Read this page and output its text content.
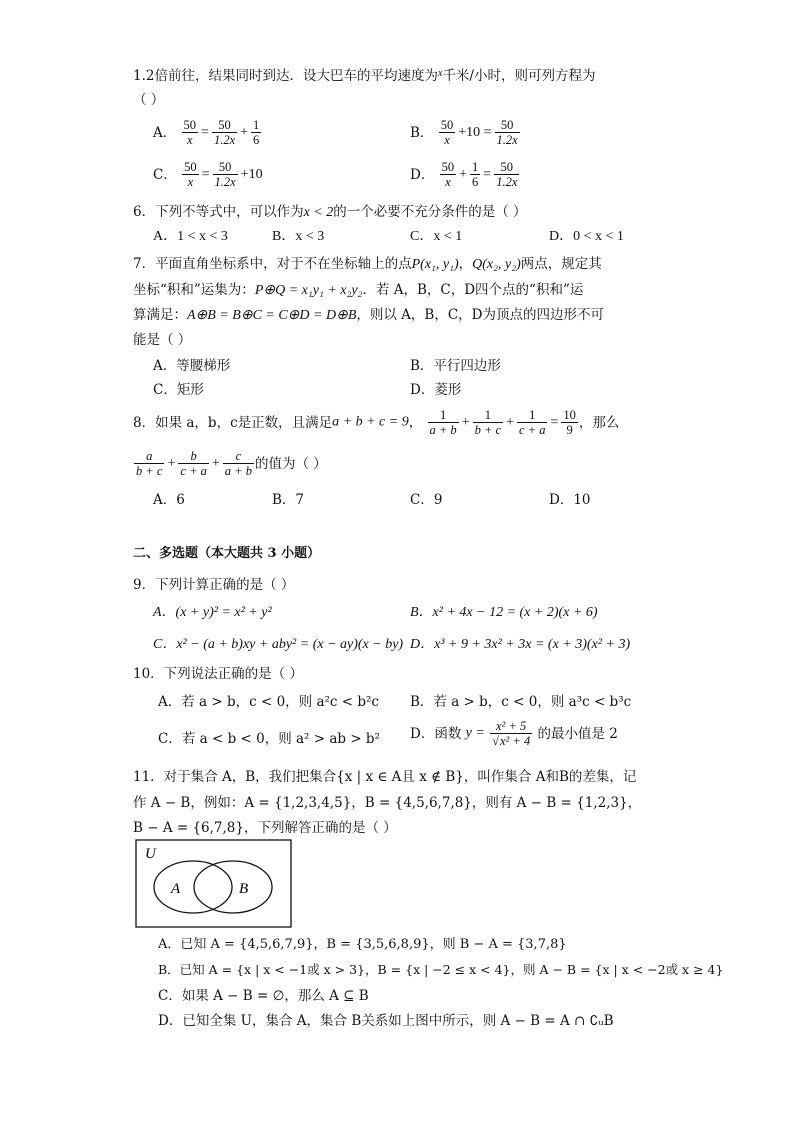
1.2倍前往，结果同时到达．设大巴车的平均速度为$^x$千米/小时，则可列方程为
（ ）
A． $\frac{50}{x} = \frac{50}{1.2x} + \frac{1}{6}$	B． $\frac{50}{x} +10 = \frac{50}{1.2x}$
C． $\frac{50}{x} = \frac{50}{1.2x} +10$	D． $\frac{50}{x} + \frac{1}{6} = \frac{50}{1.2x}$
6．下列不等式中，可以作为x < 2的一个必要不充分条件的是（ ）
A．1 < x < 3	B．x < 3	C．x < 1	D．0 < x < 1
7．平面直角坐标系中，对于不在坐标轴上的点P(x₁, y₁)，Q(x₂, y₂)两点，规定其
坐标“积和”运集为：P⊕Q = x₁y₁ + x₂y₂．若 A，B，C，D四个点的“积和”运
算满足：A⊕B = B⊕C = C⊕D = D⊕B，则以 A，B，C，D为顶点的四边形不可
能是（ ）
A．等腰梯形	B．平行四边形
C．矩形	D．菱形
8．如果 a，b，c是正数，且满足a + b + c = 9， $\frac{1}{a + b} + \frac{1}{b + c} + \frac{1}{c + a} = \frac{10}{9}$ ，那么
$\frac{a}{b + c} + \frac{b}{c + a} + \frac{c}{a + b}$ 的值为（ ）
A．6	B．7	C．9	D．10
二、多选题（本大题共 3 小题）
9．下列计算正确的是（ ）
A．(x + y)² = x² + y²	B．x² + 4x − 12 = (x + 2)(x + 6)
C．x² − (a + b)xy + aby² = (x − ay)(x − by) D．x³ + 9 + 3x² + 3x = (x + 3)(x² + 3)
10．下列说法正确的是（ ）
A．若 a > b，c < 0，则 a²c < b²c B．若 a > b，c < 0，则 a³c < b³c
C．若 a < b < 0，则 a² > ab > b² D．函数 $y = \frac{\text{x² + 5}}{\text{√x² + 4}}$ 的最小值是 2
11．对于集合 A，B，我们把集合{x | x ∈ A且 x ∉ B}，叫作集合 A和B的差集，记
作 A − B，例如：A = {1,2,3,4,5}，B = {4,5,6,7,8}，则有 A − B = {1,2,3}，
B − A = {6,7,8}，下列解答正确的是（ ）
U
A	B
A．已知 A = {4,5,6,7,9}，B = {3,5,6,8,9}，则 B − A = {3,7,8}
B．已知 A = {x | x < −1或 x > 3}，B = {x | −2 ≤ x < 4}，则 A − B = {x | x < −2或 x ≥ 4}
C．如果 A − B = ∅，那么 A ⊆ B
D．已知全集 U，集合 A，集合 B关系如上图中所示，则 A − B = A ∩ ∁ᵤB
